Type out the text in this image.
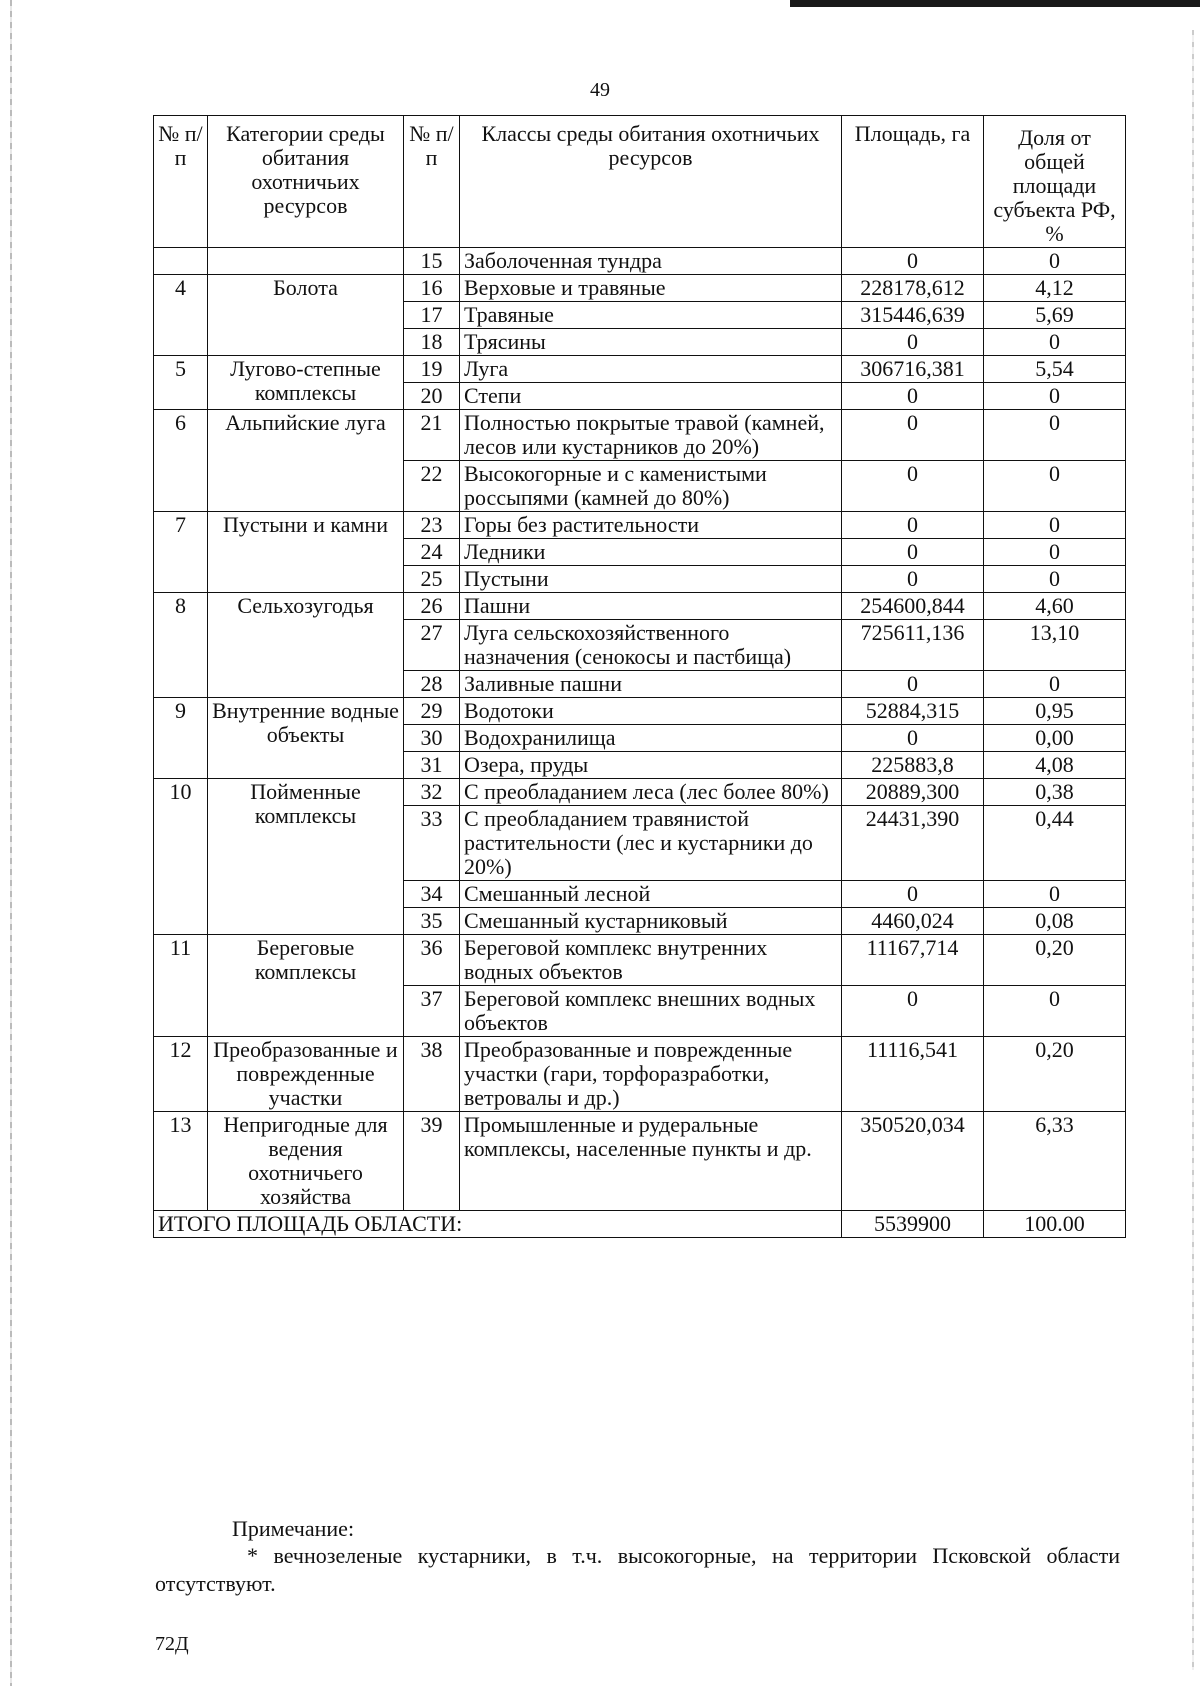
49
№ п/п	Категории среды обитания охотничьих ресурсов	№ п/п	Классы среды обитания охотничьих ресурсов	Площадь, га	Доля от общей площади субъекта РФ, %
		15	Заболоченная тундра	0	0
4	Болота	16	Верховые и травяные	228178,612	4,12
		17	Травяные	315446,639	5,69
		18	Трясины	0	0
5	Лугово-степные комплексы	19	Луга	306716,381	5,54
		20	Степи	0	0
6	Альпийские луга	21	Полностью покрытые травой (камней, лесов или кустарников до 20%)	0	0
		22	Высокогорные и с каменистыми россыпями (камней до 80%)	0	0
7	Пустыни и камни	23	Горы без растительности	0	0
		24	Ледники	0	0
		25	Пустыни	0	0
8	Сельхозугодья	26	Пашни	254600,844	4,60
		27	Луга сельскохозяйственного назначения (сенокосы и пастбища)	725611,136	13,10
		28	Заливные пашни	0	0
9	Внутренние водные объекты	29	Водотоки	52884,315	0,95
		30	Водохранилища	0	0,00
		31	Озера, пруды	225883,8	4,08
10	Пойменные комплексы	32	С преобладанием леса (лес более 80%)	20889,300	0,38
		33	С преобладанием травянистой растительности (лес и кустарники до 20%)	24431,390	0,44
		34	Смешанный лесной	0	0
		35	Смешанный кустарниковый	4460,024	0,08
11	Береговые комплексы	36	Береговой комплекс внутренних водных объектов	11167,714	0,20
		37	Береговой комплекс внешних водных объектов	0	0
12	Преобразованные и поврежденные участки	38	Преобразованные и поврежденные участки (гари, торфоразработки, ветровалы и др.)	11116,541	0,20
13	Непригодные для ведения охотничьего хозяйства	39	Промышленные и рудеральные комплексы, населенные пункты и др.	350520,034	6,33
ИТОГО ПЛОЩАДЬ ОБЛАСТИ:				5539900	100.00
Примечание:
* вечнозеленые кустарники, в т.ч. высокогорные, на территории Псковской области отсутствуют.
72Д
